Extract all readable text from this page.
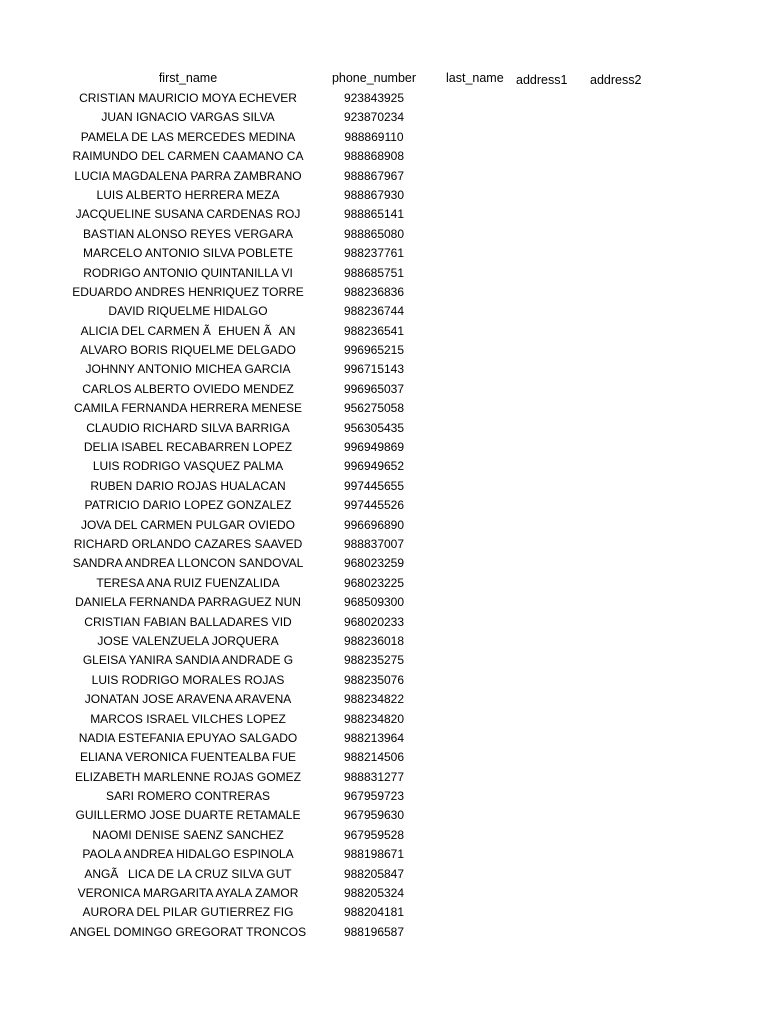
first_name	phone_number last_name address1 address2
CRISTIAN MAURICIO MOYA ECHEVER	923843925
JUAN IGNACIO VARGAS SILVA	923870234
PAMELA DE LAS MERCEDES MEDINA	988869110
RAIMUNDO DEL CARMEN CAAMANO CA	988868908
LUCIA MAGDALENA PARRA ZAMBRANO	988867967
LUIS ALBERTO HERRERA MEZA	988867930
JACQUELINE SUSANA CARDENAS ROJ	988865141
BASTIAN ALONSO REYES VERGARA	988865080
MARCELO ANTONIO SILVA POBLETE	988237761
RODRIGO ANTONIO QUINTANILLA VI	988685751
EDUARDO ANDRES HENRIQUEZ TORRE	988236836
DAVID RIQUELME HIDALGO	988236744
ALICIA DEL CARMEN ÃEHUEN ÃAN	988236541
ALVARO BORIS RIQUELME DELGADO	996965215
JOHNNY ANTONIO MICHEA GARCIA	996715143
CARLOS ALBERTO OVIEDO MENDEZ	996965037
CAMILA FERNANDA HERRERA MENESE	956275058
CLAUDIO RICHARD SILVA BARRIGA	956305435
DELIA ISABEL RECABARREN LOPEZ	996949869
LUIS RODRIGO VASQUEZ PALMA	996949652
RUBEN DARIO ROJAS HUALACAN	997445655
PATRICIO DARIO LOPEZ GONZALEZ	997445526
JOVA DEL CARMEN PULGAR OVIEDO	996696890
RICHARD ORLANDO CAZARES SAAVED	988837007
SANDRA ANDREA LLONCON SANDOVAL	968023259
TERESA ANA RUIZ FUENZALIDA	968023225
DANIELA FERNANDA PARRAGUEZ NUN	968509300
CRISTIAN FABIAN BALLADARES VID	968020233
JOSE VALENZUELA JORQUERA	988236018
GLEISA YANIRA SANDIA ANDRADE G	988235275
LUIS RODRIGO MORALES ROJAS	988235076
JONATAN JOSE ARAVENA ARAVENA	988234822
MARCOS ISRAEL VILCHES LOPEZ	988234820
NADIA ESTEFANIA EPUYAO SALGADO	988213964
ELIANA VERONICA FUENTEALBA FUE	988214506
ELIZABETH MARLENNE ROJAS GOMEZ	988831277
SARI ROMERO CONTRERAS	967959723
GUILLERMO JOSE DUARTE RETAMALE	967959630
NAOMI DENISE SAENZ SANCHEZ	967959528
PAOLA ANDREA HIDALGO ESPINOLA	988198671
ANGÃLICA DE LA CRUZ SILVA GUT	988205847
VERONICA MARGARITA AYALA ZAMOR	988205324
AURORA DEL PILAR GUTIERREZ FIG	988204181
ANGEL DOMINGO GREGORAT TRONCOS	988196587
